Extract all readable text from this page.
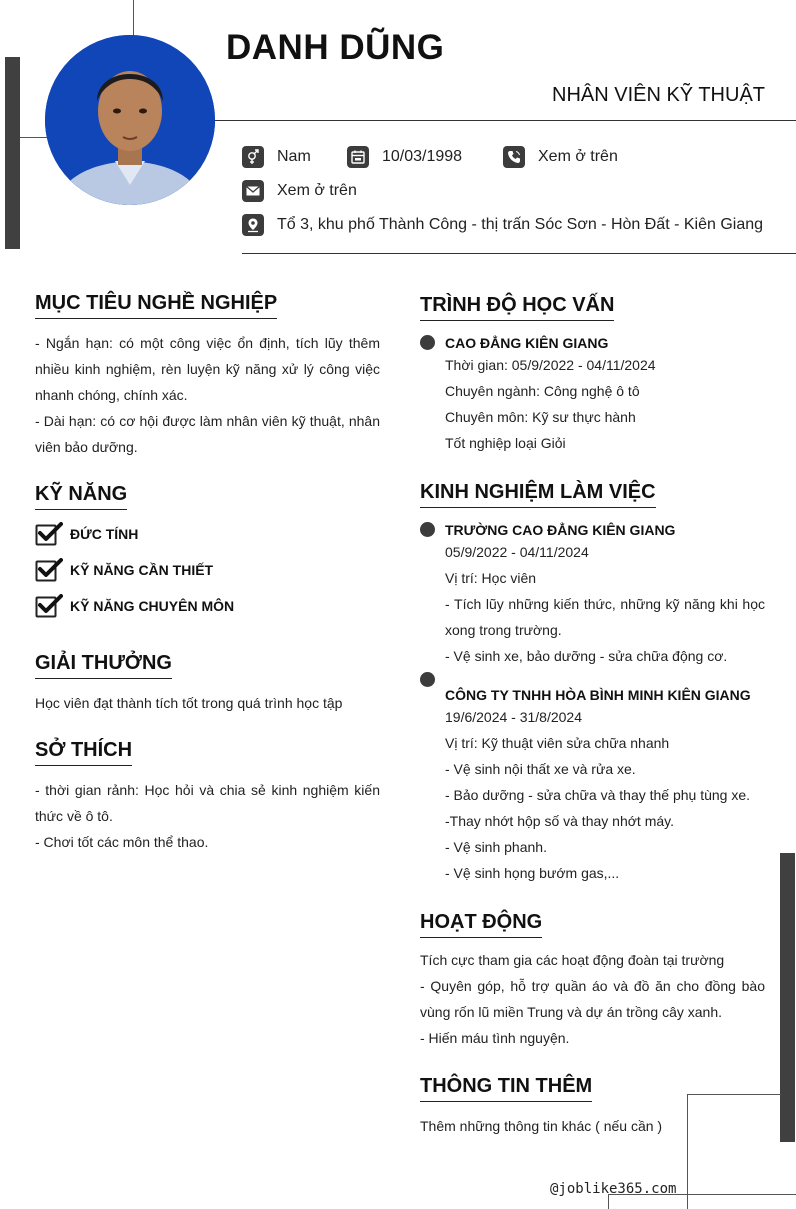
DANH DŨNG
NHÂN VIÊN KỸ THUẬT
Nam	10/03/1998	Xem ở trên
Xem ở trên
Tổ 3, khu phố Thành Công - thị trấn Sóc Sơn - Hòn Đất - Kiên Giang
MỤC TIÊU NGHỀ NGHIỆP

- Ngắn hạn: có một công việc ổn định, tích lũy thêm nhiều kinh nghiệm, rèn luyện kỹ năng xử lý công việc nhanh chóng, chính xác.

- Dài hạn: có cơ hội được làm nhân viên kỹ thuật, nhân viên bảo dưỡng.

KỸ NĂNG
ĐỨC TÍNH
KỸ NĂNG CẦN THIẾT
KỸ NĂNG CHUYÊN MÔN
GIẢI THƯỞNG
Học viên đạt thành tích tốt trong quá trình học tập
SỞ THÍCH

- thời gian rảnh: Học hỏi và chia sẻ kinh nghiệm kiến thức về ô tô.

- Chơi tốt các môn thể thao.

TRÌNH ĐỘ HỌC VẤN
CAO ĐẲNG KIÊN GIANG
Thời gian: 05/9/2022 - 04/11/2024
Chuyên ngành: Công nghệ ô tô
Chuyên môn: Kỹ sư thực hành
Tốt nghiệp loại Giỏi
KINH NGHIỆM LÀM VIỆC
TRƯỜNG CAO ĐẲNG KIÊN GIANG
05/9/2022 - 04/11/2024
Vị trí: Học viên
- Tích lũy những kiến thức, những kỹ năng khi học xong trong trường.
- Vệ sinh xe, bảo dưỡng - sửa chữa động cơ.
CÔNG TY TNHH HÒA BÌNH MINH KIÊN GIANG
19/6/2024 - 31/8/2024
Vị trí: Kỹ thuật viên sửa chữa nhanh
- Vệ sinh nội thất xe và rửa xe.
- Bảo dưỡng - sửa chữa và thay thế phụ tùng xe.
-Thay nhớt hộp số và thay nhớt máy.
- Vệ sinh phanh.
- Vệ sinh họng bướm gas,...
HOẠT ĐỘNG

Tích cực tham gia các hoạt động đoàn tại trường

- Quyên góp, hỗ trợ quần áo và đồ ăn cho đồng bào vùng rốn lũ miền Trung và dự án trồng cây xanh.

- Hiến máu tình nguyện.

THÔNG TIN THÊM
Thêm những thông tin khác ( nếu cần )
@joblike365.com
